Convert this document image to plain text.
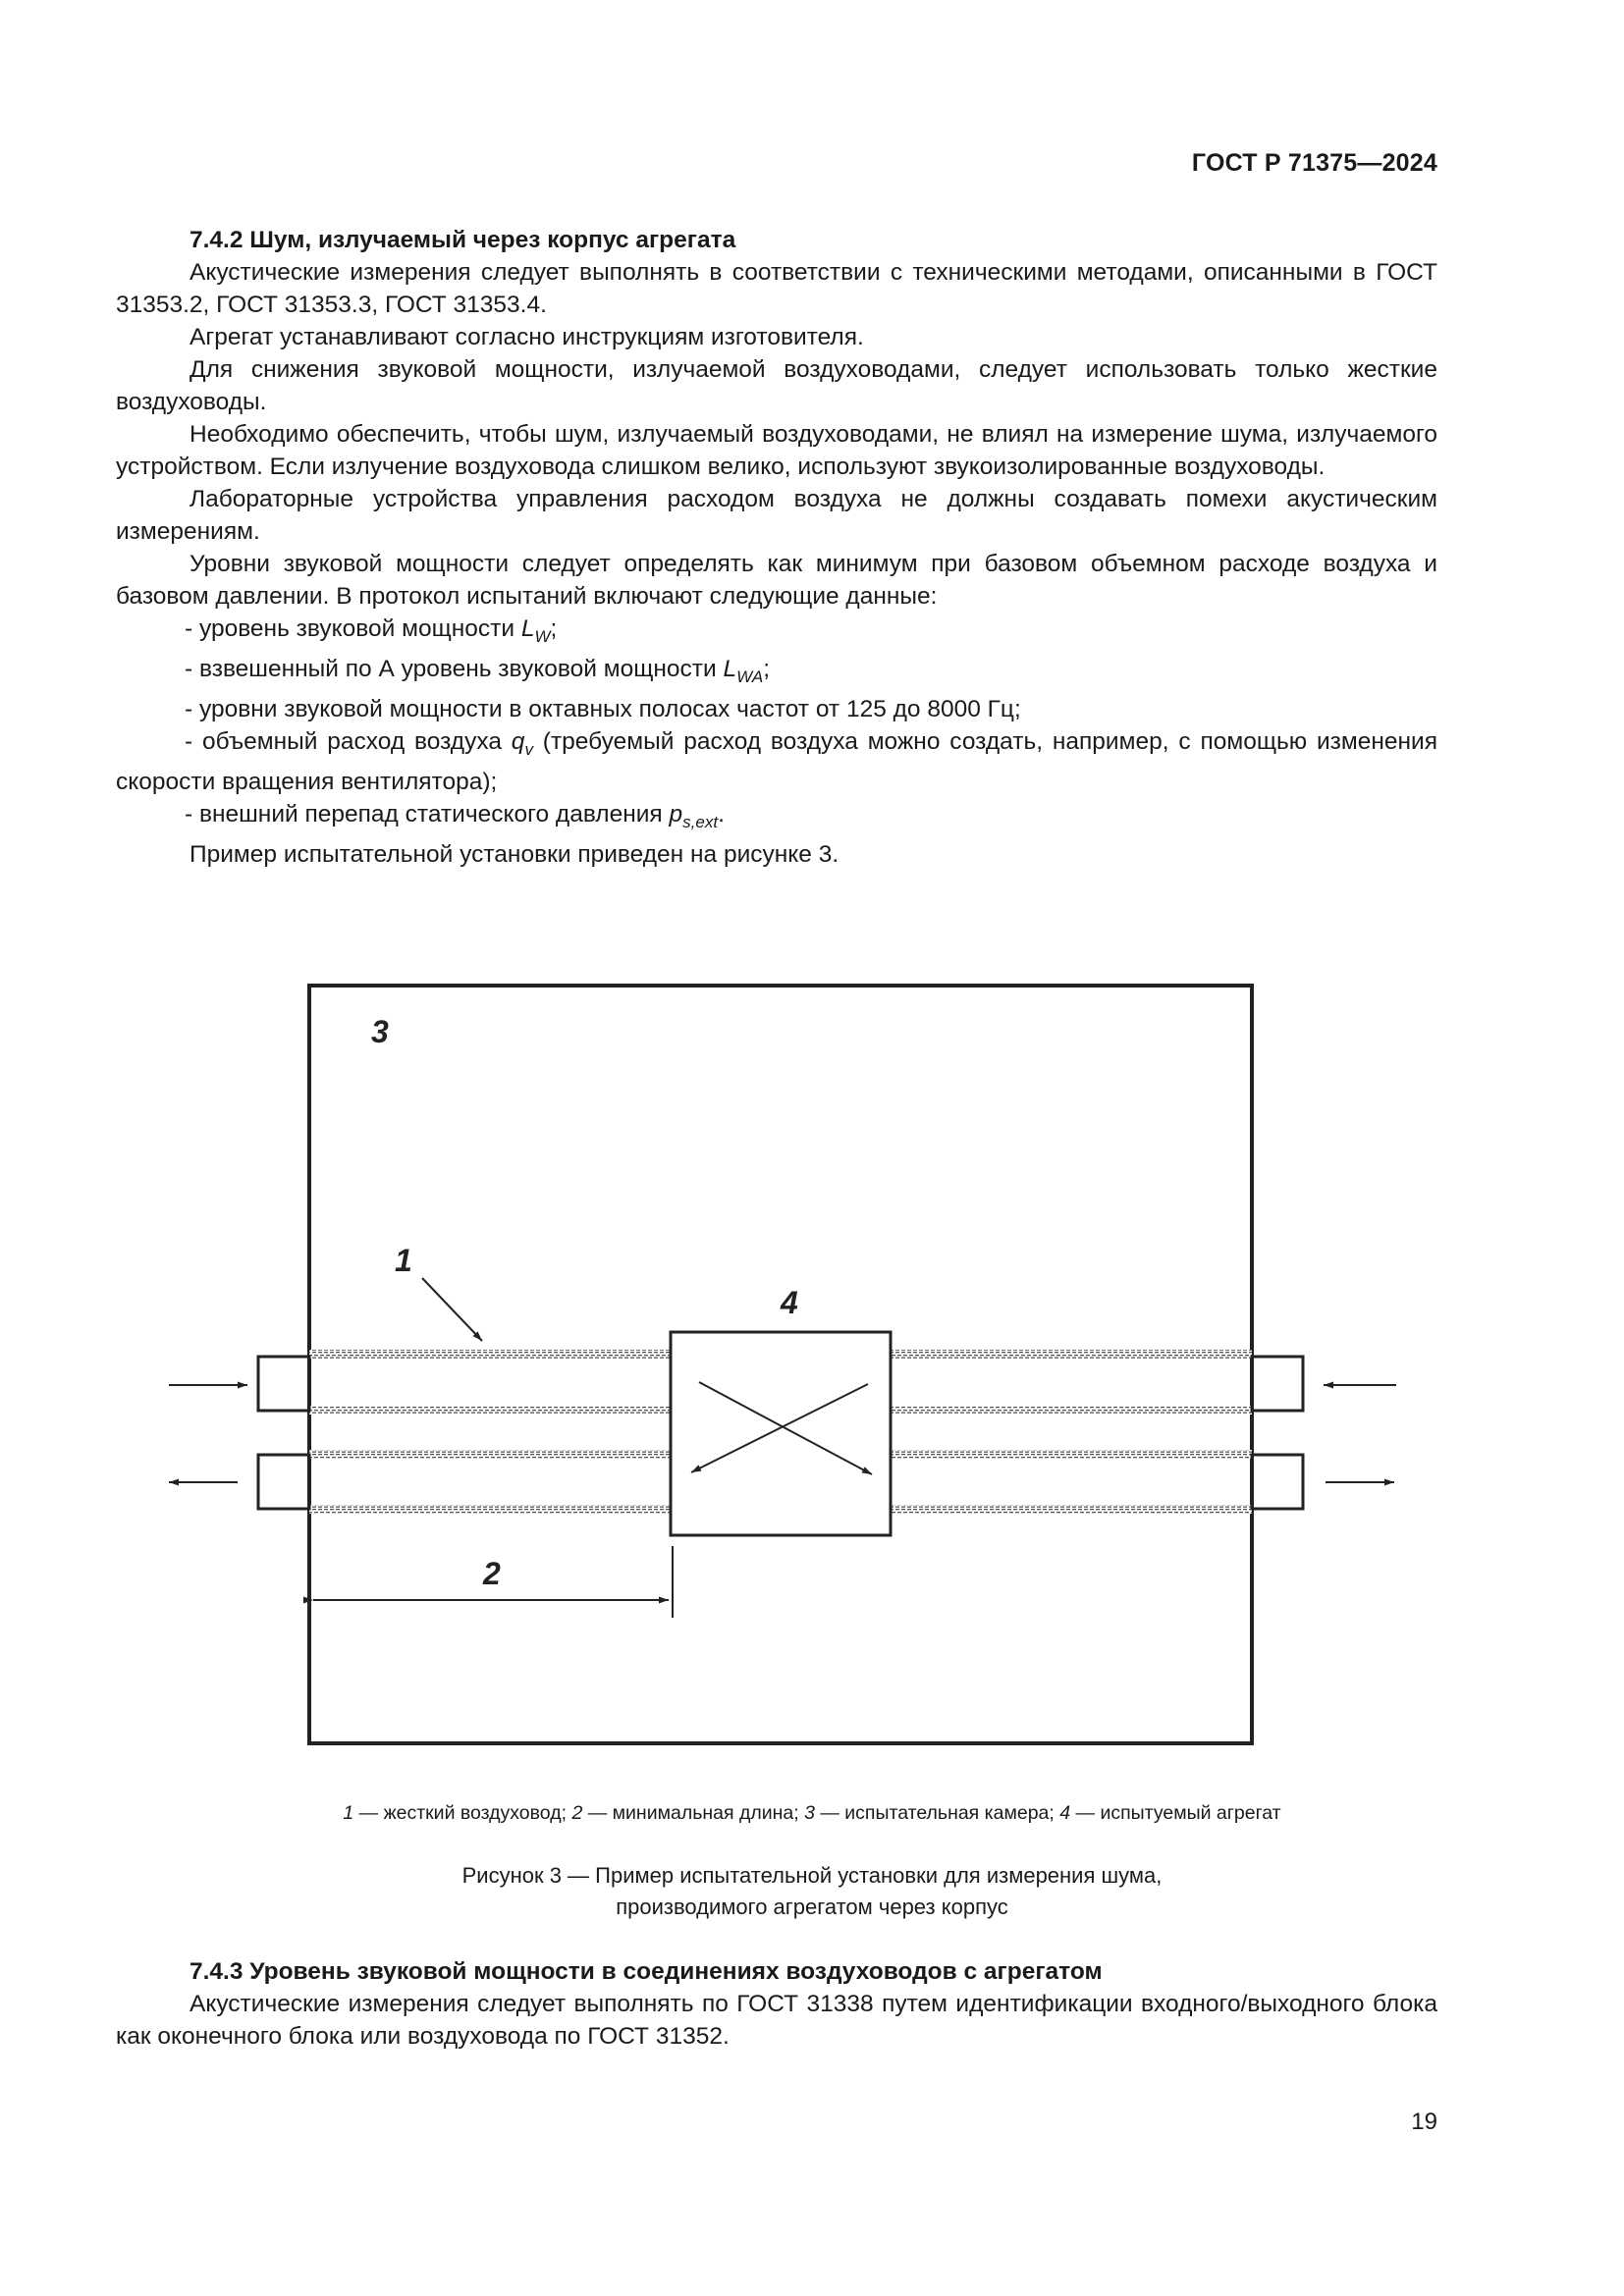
ГОСТ Р 71375—2024

7.4.2 Шум, излучаемый через корпус агрегата

Акустические измерения следует выполнять в соответствии с техническими методами, описанными в ГОСТ 31353.2, ГОСТ 31353.3, ГОСТ 31353.4.

Агрегат устанавливают согласно инструкциям изготовителя.

Для снижения звуковой мощности, излучаемой воздуховодами, следует использовать только жесткие воздуховоды.

Необходимо обеспечить, чтобы шум, излучаемый воздуховодами, не влиял на измерение шума, излучаемого устройством. Если излучение воздуховода слишком велико, используют звукоизолированные воздуховоды.

Лабораторные устройства управления расходом воздуха не должны создавать помехи акустическим измерениям.

Уровни звуковой мощности следует определять как минимум при базовом объемном расходе воздуха и базовом давлении. В протокол испытаний включают следующие данные:

- уровень звуковой мощности $L_W$;

- взвешенный по А уровень звуковой мощности $L_{WA}$;

- уровни звуковой мощности в октавных полосах частот от 125 до 8000 Гц;

- объемный расход воздуха $q_v$ (требуемый расход воздуха можно создать, например, с помощью изменения скорости вращения вентилятора);

- внешний перепад статического давления $p_{s,ext}$.

Пример испытательной установки приведен на рисунке 3.

3
1
4
2
1 — жесткий воздуховод; 2 — минимальная длина; 3 — испытательная камера; 4 — испытуемый агрегат
Рисунок 3 — Пример испытательной установки для измерения шума,
производимого агрегатом через корпус

7.4.3 Уровень звуковой мощности в соединениях воздуховодов с агрегатом

Акустические измерения следует выполнять по ГОСТ 31338 путем идентификации входного/выходного блока как оконечного блока или воздуховода по ГОСТ 31352.

19
